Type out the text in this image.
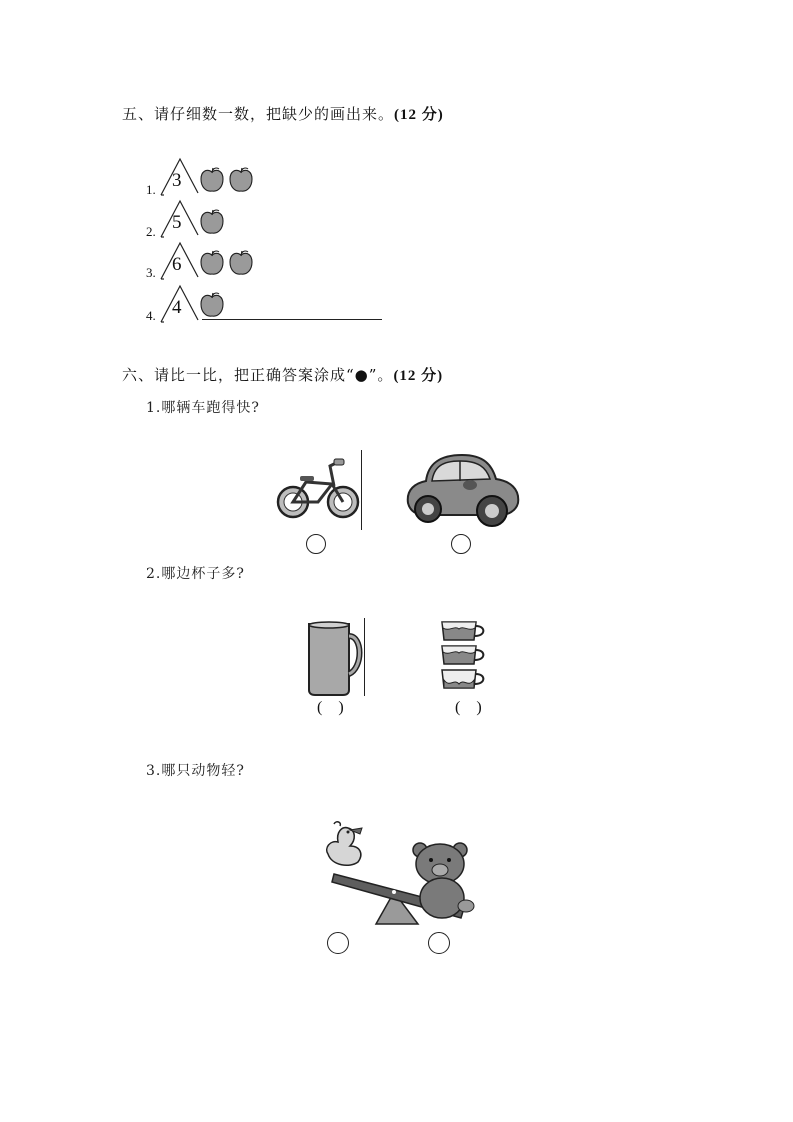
五、请仔细数一数，把缺少的画出来。(12 分)
1. 3
2. 5
3. 6
4. 4
六、请比一比，把正确答案涂成“●”。(12 分)
1.哪辆车跑得快?
2.哪边杯子多?
( )	( )
3.哪只动物轻?
